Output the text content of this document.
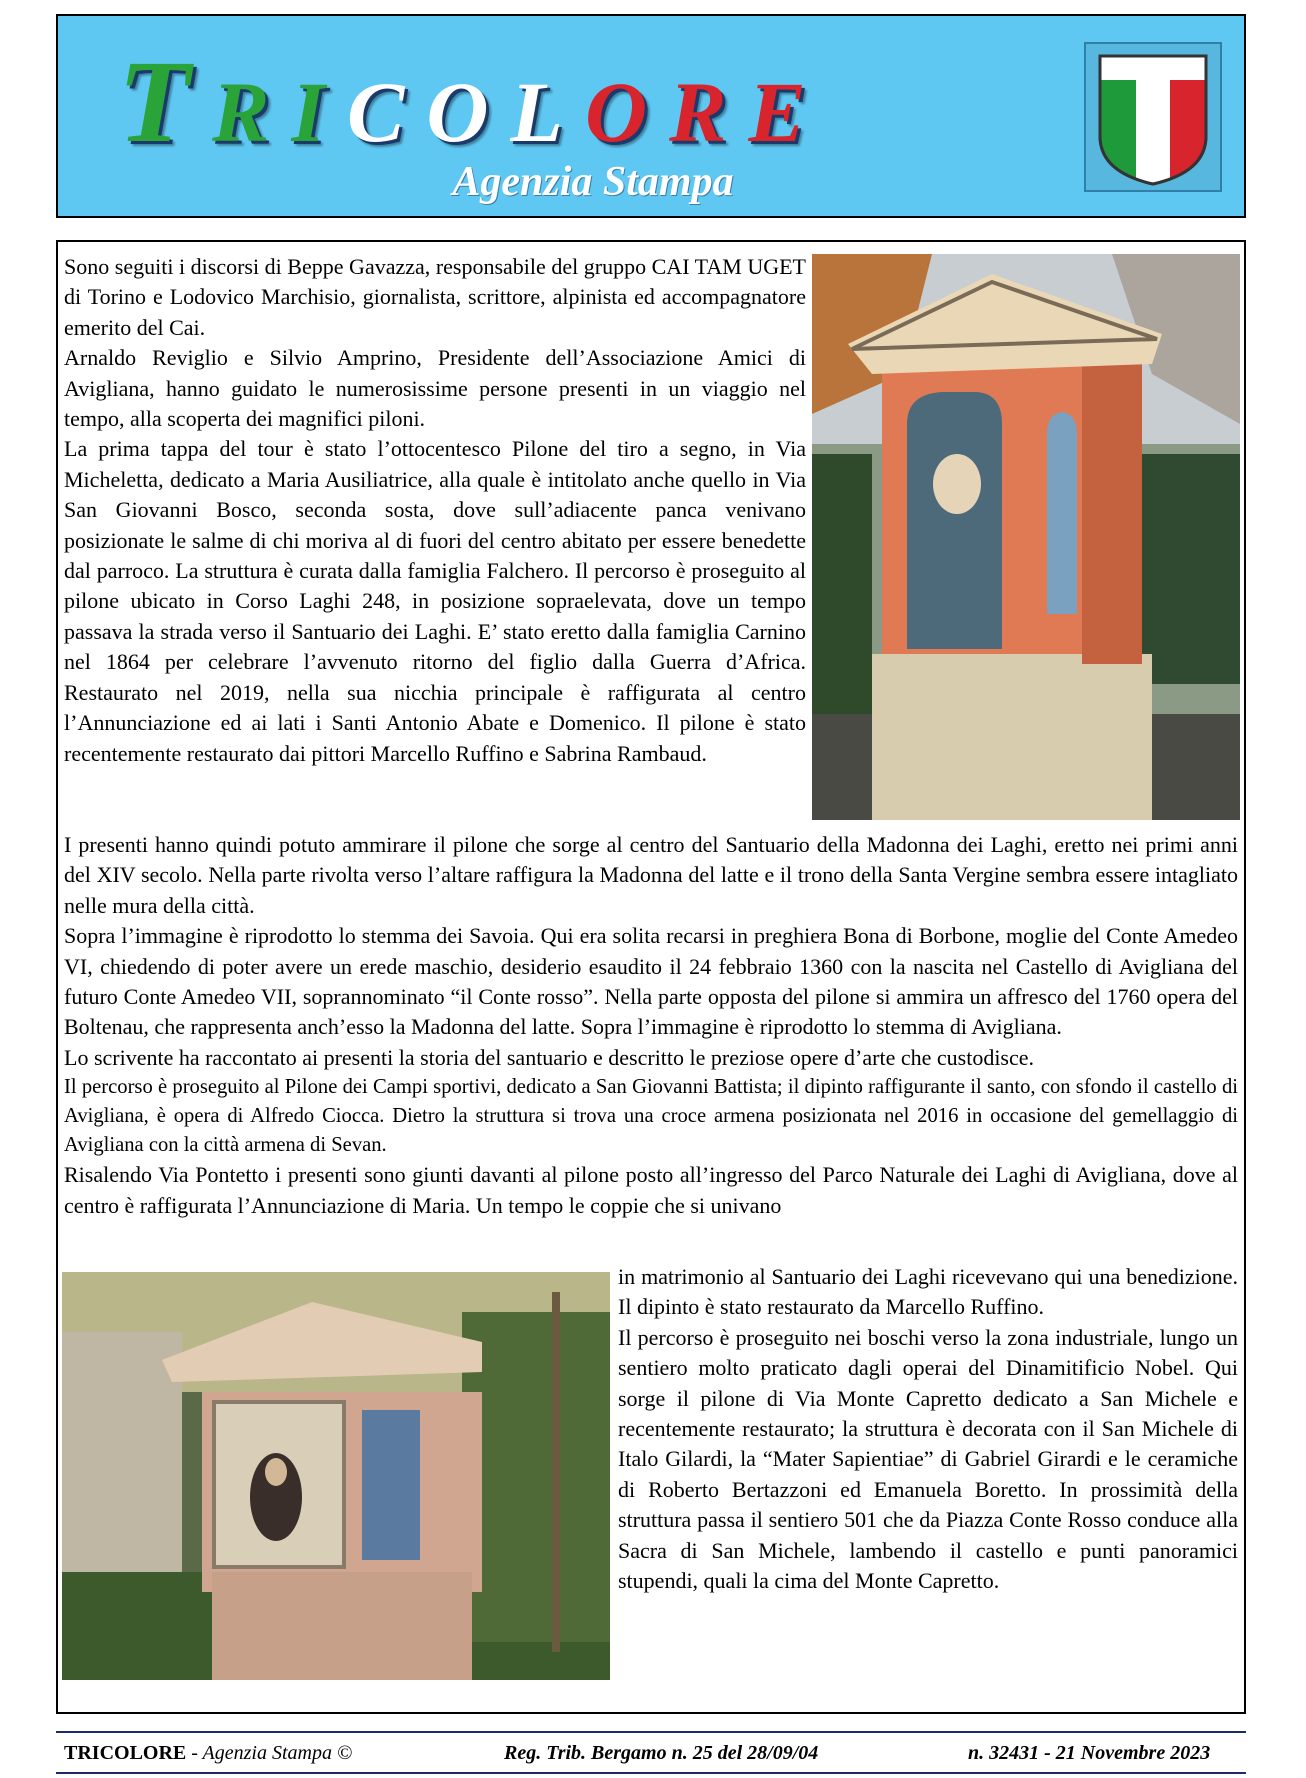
T R I C O L O R E
Agenzia Stampa

Sono seguiti i discorsi di Beppe Gavazza, responsabile del gruppo CAI TAM UGET di Torino e Lodovico Marchisio, giornalista, scrittore, alpinista ed accompagnatore emerito del Cai.

Arnaldo Reviglio e Silvio Amprino, Presidente dell’Associazione Amici di Avigliana, hanno guidato le numerosissime persone presenti in un viaggio nel tempo, alla scoperta dei magnifici piloni.

La prima tappa del tour è stato l’ottocentesco Pilone del tiro a segno, in Via Micheletta, dedicato a Maria Ausiliatrice, alla quale è intitolato anche quello in Via San Giovanni Bosco, seconda sosta, dove sull’adiacente panca venivano posizionate le salme di chi moriva al di fuori del centro abitato per essere benedette dal parroco. La struttura è curata dalla famiglia Falchero. Il percorso è proseguito al pilone ubicato in Corso Laghi 248, in posizione sopraelevata, dove un tempo passava la strada verso il Santuario dei Laghi. E’ stato eretto dalla famiglia Carnino nel 1864 per celebrare l’avvenuto ritorno del figlio dalla Guerra d’Africa. Restaurato nel 2019, nella sua nicchia principale è raffigurata al centro l’Annunciazione ed ai lati i Santi Antonio Abate e Domenico. Il pilone è stato recentemente restaurato dai pittori Marcello Ruffino e Sabrina Rambaud.

I presenti hanno quindi potuto ammirare il pilone che sorge al centro del Santuario della Madonna dei Laghi, eretto nei primi anni del XIV secolo. Nella parte rivolta verso l’altare raffigura la Madonna del latte e il trono della Santa Vergine sembra essere intagliato nelle mura della città.

Sopra l’immagine è riprodotto lo stemma dei Savoia. Qui era solita recarsi in preghiera Bona di Borbone, moglie del Conte Amedeo VI, chiedendo di poter avere un erede maschio, desiderio esaudito il 24 febbraio 1360 con la nascita nel Castello di Avigliana del futuro Conte Amedeo VII, soprannominato “il Conte rosso”. Nella parte opposta del pilone si ammira un affresco del 1760 opera del Boltenau, che rappresenta anch’esso la Madonna del latte. Sopra l’immagine è riprodotto lo stemma di Avigliana.

Lo scrivente ha raccontato ai presenti la storia del santuario e descritto le preziose opere d’arte che custodisce.

Il percorso è proseguito al Pilone dei Campi sportivi, dedicato a San Giovanni Battista; il dipinto raffigurante il santo, con sfondo il castello di Avigliana, è opera di Alfredo Ciocca. Dietro la struttura si trova una croce armena posizionata nel 2016 in occasione del gemellaggio di Avigliana con la città armena di Sevan.

Risalendo Via Pontetto i presenti sono giunti davanti al pilone posto all’ingresso del Parco Naturale dei Laghi di Avigliana, dove al centro è raffigurata l’Annunciazione di Maria. Un tempo le coppie che si univano

in matrimonio al Santuario dei Laghi ricevevano qui una benedizione. Il dipinto è stato restaurato da Marcello Ruffino.

Il percorso è proseguito nei boschi verso la zona industriale, lungo un sentiero molto praticato dagli operai del Dinamitificio Nobel. Qui sorge il pilone di Via Monte Capretto dedicato a San Michele e recentemente restaurato; la struttura è decorata con il San Michele di Italo Gilardi, la “Mater Sapientiae” di Gabriel Girardi e le ceramiche di Roberto Bertazzoni ed Emanuela Boretto. In prossimità della struttura passa il sentiero 501 che da Piazza Conte Rosso conduce alla Sacra di San Michele, lambendo il castello e punti panoramici stupendi, quali la cima del Monte Capretto.

TRICOLORE - Agenzia Stampa ©	Reg. Trib. Bergamo n. 25 del 28/09/04	n. 32431 - 21 Novembre 2023
